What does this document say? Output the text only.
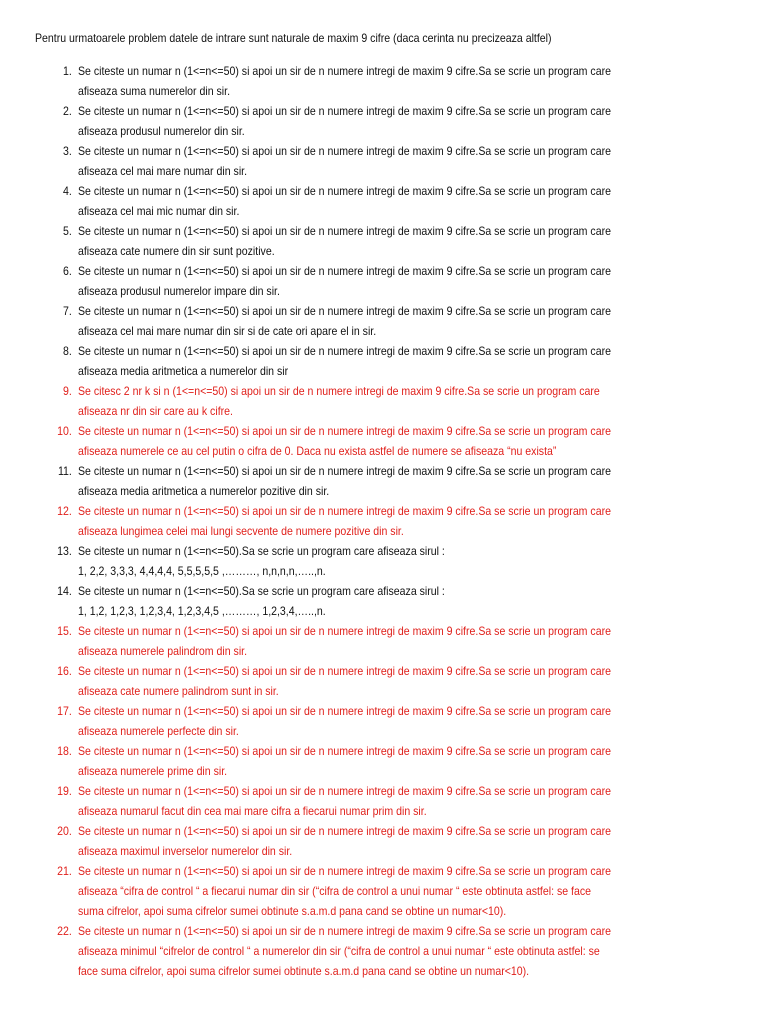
Pentru urmatoarele problem datele de intrare sunt naturale de maxim 9 cifre (daca cerinta nu precizeaza altfel)
1. Se citeste un numar n (1<=n<=50) si apoi un sir de n numere intregi de maxim 9 cifre.Sa se scrie un program care
afiseaza suma numerelor din sir.
2. Se citeste un numar n (1<=n<=50) si apoi un sir de n numere intregi de maxim 9 cifre.Sa se scrie un program care
afiseaza produsul numerelor din sir.
3. Se citeste un numar n (1<=n<=50) si apoi un sir de n numere intregi de maxim 9 cifre.Sa se scrie un program care
afiseaza cel mai mare numar din sir.
4. Se citeste un numar n (1<=n<=50) si apoi un sir de n numere intregi de maxim 9 cifre.Sa se scrie un program care
afiseaza cel mai mic numar din sir.
5. Se citeste un numar n (1<=n<=50) si apoi un sir de n numere intregi de maxim 9 cifre.Sa se scrie un program care
afiseaza cate numere din sir sunt pozitive.
6. Se citeste un numar n (1<=n<=50) si apoi un sir de n numere intregi de maxim 9 cifre.Sa se scrie un program care
afiseaza produsul numerelor impare din sir.
7. Se citeste un numar n (1<=n<=50) si apoi un sir de n numere intregi de maxim 9 cifre.Sa se scrie un program care
afiseaza cel mai mare numar din sir si de cate ori apare el in sir.
8. Se citeste un numar n (1<=n<=50) si apoi un sir de n numere intregi de maxim 9 cifre.Sa se scrie un program care
afiseaza media aritmetica a numerelor din sir
9. Se citesc 2 nr k si n (1<=n<=50) si apoi un sir de n numere intregi de maxim 9 cifre.Sa se scrie un program care
afiseaza nr din sir care au k cifre.
10. Se citeste un numar n (1<=n<=50) si apoi un sir de n numere intregi de maxim 9 cifre.Sa se scrie un program care
afiseaza numerele ce au cel putin o cifra de 0. Daca nu exista astfel de numere se afiseaza “nu exista”
11. Se citeste un numar n (1<=n<=50) si apoi un sir de n numere intregi de maxim 9 cifre.Sa se scrie un program care
afiseaza media aritmetica a numerelor pozitive din sir.
12. Se citeste un numar n (1<=n<=50) si apoi un sir de n numere intregi de maxim 9 cifre.Sa se scrie un program care
afiseaza lungimea celei mai lungi secvente de numere pozitive din sir.
13. Se citeste un numar n (1<=n<=50).Sa se scrie un program care afiseaza sirul :
1, 2,2, 3,3,3, 4,4,4,4, 5,5,5,5,5 ,………, n,n,n,n,…..,n.
14. Se citeste un numar n (1<=n<=50).Sa se scrie un program care afiseaza sirul :
1, 1,2, 1,2,3, 1,2,3,4, 1,2,3,4,5 ,………, 1,2,3,4,…..,n.
15. Se citeste un numar n (1<=n<=50) si apoi un sir de n numere intregi de maxim 9 cifre.Sa se scrie un program care
afiseaza numerele palindrom din sir.
16. Se citeste un numar n (1<=n<=50) si apoi un sir de n numere intregi de maxim 9 cifre.Sa se scrie un program care
afiseaza cate numere palindrom sunt in sir.
17. Se citeste un numar n (1<=n<=50) si apoi un sir de n numere intregi de maxim 9 cifre.Sa se scrie un program care
afiseaza numerele perfecte din sir.
18. Se citeste un numar n (1<=n<=50) si apoi un sir de n numere intregi de maxim 9 cifre.Sa se scrie un program care
afiseaza numerele prime din sir.
19. Se citeste un numar n (1<=n<=50) si apoi un sir de n numere intregi de maxim 9 cifre.Sa se scrie un program care
afiseaza numarul facut din cea mai mare cifra a fiecarui numar prim din sir.
20. Se citeste un numar n (1<=n<=50) si apoi un sir de n numere intregi de maxim 9 cifre.Sa se scrie un program care
afiseaza maximul inverselor numerelor din sir.
21. Se citeste un numar n (1<=n<=50) si apoi un sir de n numere intregi de maxim 9 cifre.Sa se scrie un program care
afiseaza “cifra de control “ a fiecarui numar din sir (“cifra de control a unui numar “ este obtinuta astfel: se face
suma cifrelor, apoi suma cifrelor sumei obtinute s.a.m.d pana cand se obtine un numar<10).
22. Se citeste un numar n (1<=n<=50) si apoi un sir de n numere intregi de maxim 9 cifre.Sa se scrie un program care
afiseaza minimul “cifrelor de control “ a numerelor din sir (“cifra de control a unui numar “ este obtinuta astfel: se
face suma cifrelor, apoi suma cifrelor sumei obtinute s.a.m.d pana cand se obtine un numar<10).
